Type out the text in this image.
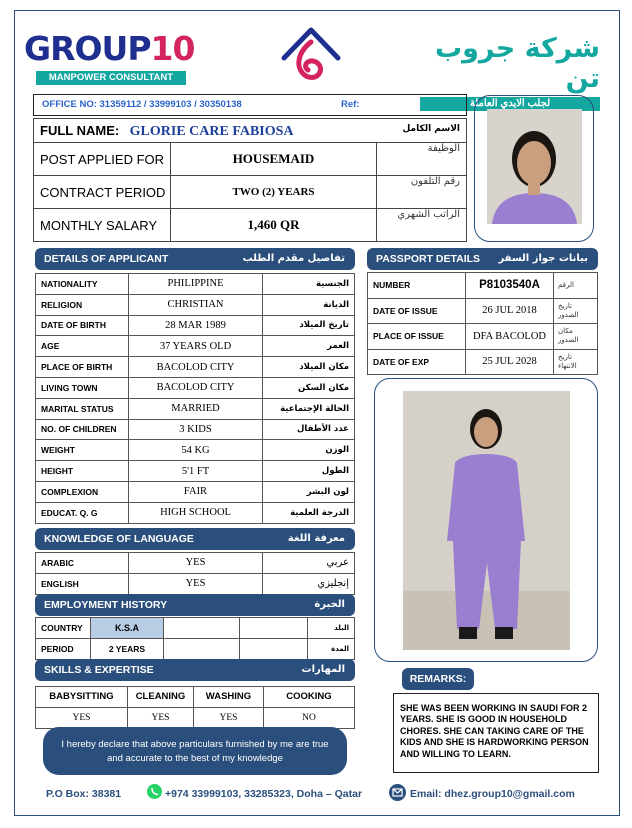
GROUP10
MANPOWER CONSULTANT
شركة جروب تن
لجلب الايدي العاملة
OFFICE NO: 31359112 / 33999103 / 30350138	Ref:
FULL NAME: GLORIE CARE FABIOSA الاسم الكامل		

POST APPLIED FOR	HOUSEMAID	الوظيفة
CONTRACT PERIOD	TWO (2) YEARS	رقم التلفون
MONTHLY SALARY	1,460 QR	الراتب الشهري
DETAILS OF APPLICANT	تفاصيل مقدم الطلب
NATIONALITY	PHILIPPINE	الجنسية
RELIGION	CHRISTIAN	الديانة
DATE OF BIRTH	28 MAR 1989	تاريخ الميلاد
AGE	37 YEARS OLD	العمر
PLACE OF BIRTH	BACOLOD CITY	مكان الميلاد
LIVING TOWN	BACOLOD CITY	مكان السكن
MARITAL STATUS	MARRIED	الحالة الإجتماعية
NO. OF CHILDREN	3 KIDS	عدد الأطفال
WEIGHT	54 KG	الوزن
HEIGHT	5'1 FT	الطول
COMPLEXION	FAIR	لون البشر
EDUCAT. Q. G	HIGH SCHOOL	الدرجة العلمية
PASSPORT DETAILS بيانات جواز السفر
NUMBER	P8103540A	الرقم
DATE OF ISSUE	26 JUL 2018	تاريخ الصدور
PLACE OF ISSUE	DFA BACOLOD	مكان الصدور
DATE OF EXP	25 JUL 2028	تاريخ الانتهاء
KNOWLEDGE OF LANGUAGE	معرفة اللغة
ARABIC	YES	عربي
ENGLISH	YES	إنجليزي
EMPLOYMENT HISTORY	الخبرة
COUNTRY	K.S.A			البلد
PERIOD	2 YEARS			المدة
SKILLS & EXPERTISE	المهارات
BABYSITTING	CLEANING	WASHING	COOKING
YES	YES	YES	NO
REMARKS:
SHE WAS BEEN WORKING IN SAUDI FOR 2 YEARS. SHE IS GOOD IN HOUSEHOLD CHORES. SHE CAN TAKING CARE OF THE KIDS AND SHE IS HARDWORKING PERSON AND WILLING TO LEARN.
I hereby declare that above particulars furnished by me are true and accurate to the best of my knowledge
P.O Box: 38381	+974 33999103, 33285323, Doha – Qatar	Email: dhez.group10@gmail.com
